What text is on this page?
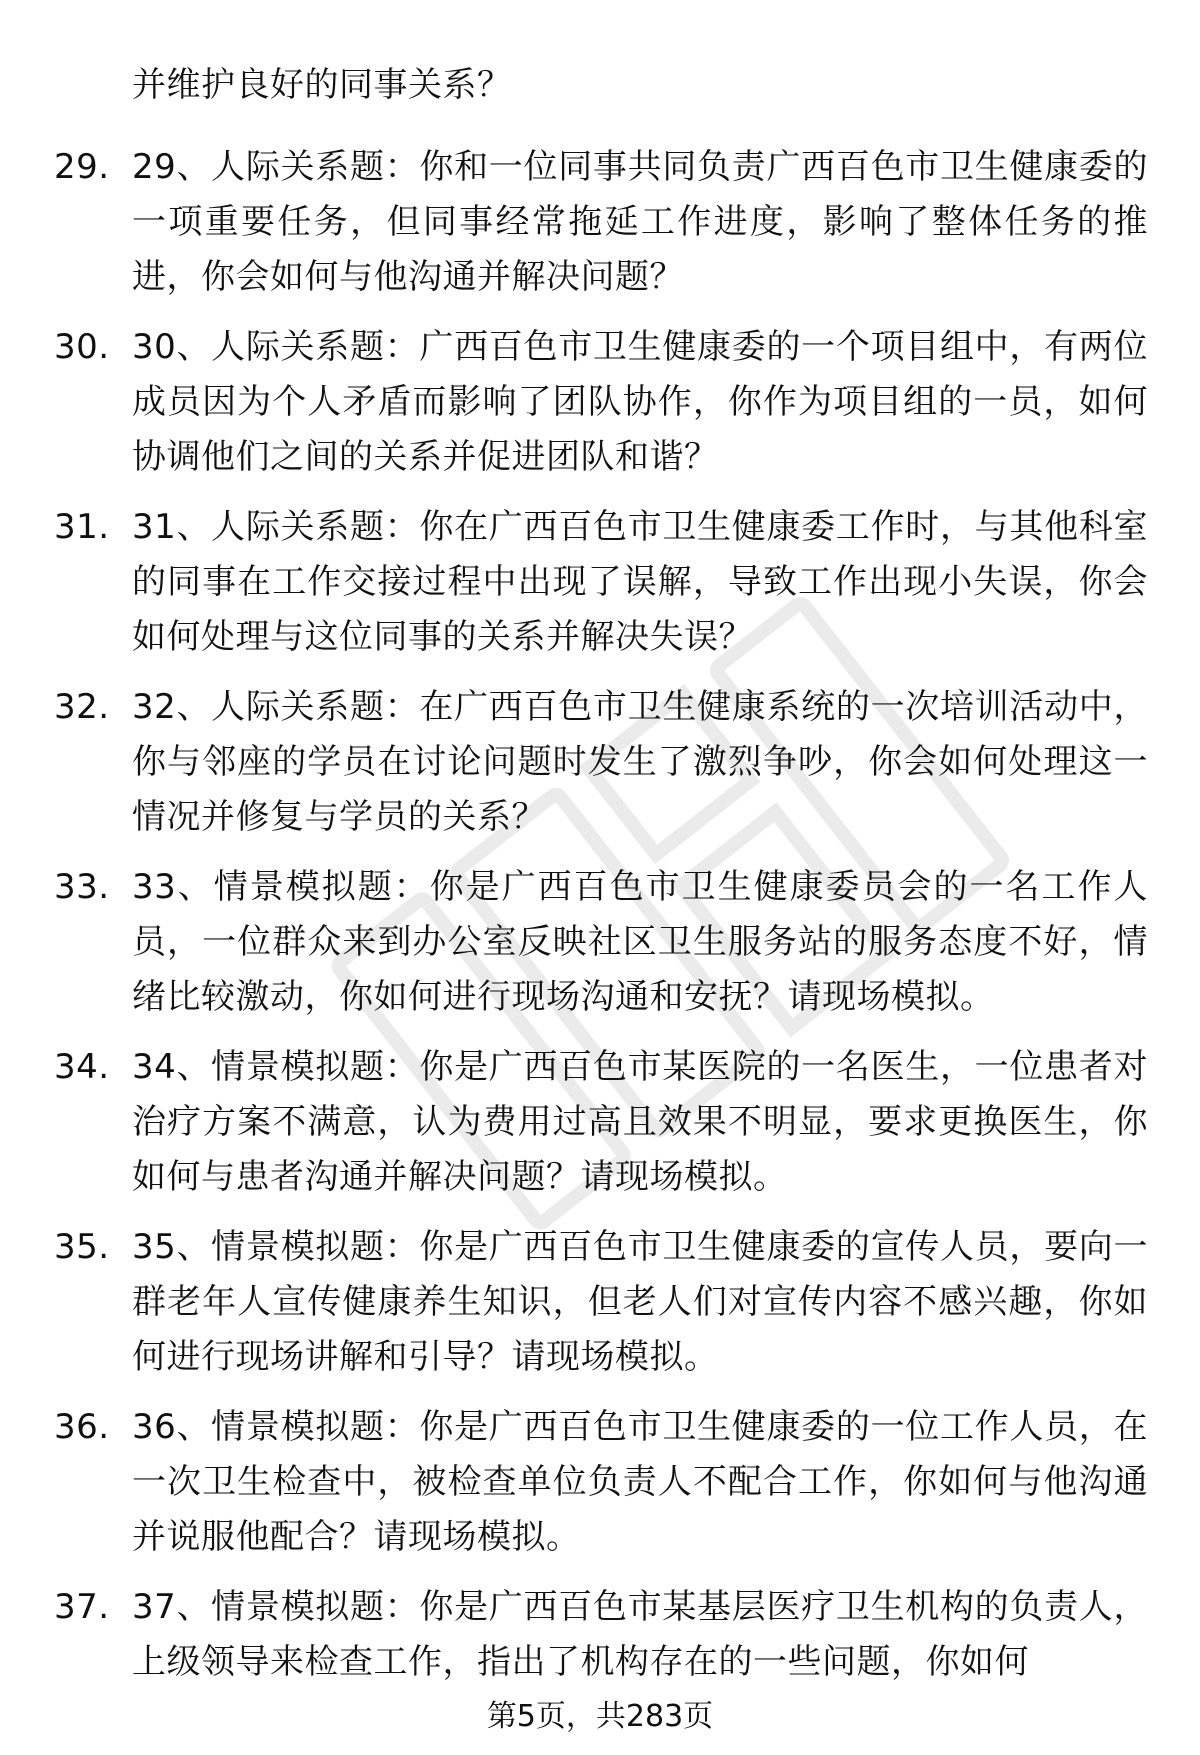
并维护良好的同事关系？
29. 29、人际关系题：你和一位同事共同负责广西百色市卫生健康委的一项重要任务，但同事经常拖延工作进度，影响了整体任务的推进，你会如何与他沟通并解决问题？
30. 30、人际关系题：广西百色市卫生健康委的一个项目组中，有两位成员因为个人矛盾而影响了团队协作，你作为项目组的一员，如何协调他们之间的关系并促进团队和谐？
31. 31、人际关系题：你在广西百色市卫生健康委工作时，与其他科室的同事在工作交接过程中出现了误解，导致工作出现小失误，你会如何处理与这位同事的关系并解决失误？
32. 32、人际关系题：在广西百色市卫生健康系统的一次培训活动中，你与邻座的学员在讨论问题时发生了激烈争吵，你会如何处理这一情况并修复与学员的关系？
33. 33、情景模拟题：你是广西百色市卫生健康委员会的一名工作人员，一位群众来到办公室反映社区卫生服务站的服务态度不好，情绪比较激动，你如何进行现场沟通和安抚？请现场模拟。
34. 34、情景模拟题：你是广西百色市某医院的一名医生，一位患者对治疗方案不满意，认为费用过高且效果不明显，要求更换医生，你如何与患者沟通并解决问题？请现场模拟。
35. 35、情景模拟题：你是广西百色市卫生健康委的宣传人员，要向一群老年人宣传健康养生知识，但老人们对宣传内容不感兴趣，你如何进行现场讲解和引导？请现场模拟。
36. 36、情景模拟题：你是广西百色市卫生健康委的一位工作人员，在一次卫生检查中，被检查单位负责人不配合工作，你如何与他沟通并说服他配合？请现场模拟。
37. 37、情景模拟题：你是广西百色市某基层医疗卫生机构的负责人，上级领导来检查工作，指出了机构存在的一些问题，你如何
第5页，共283页
